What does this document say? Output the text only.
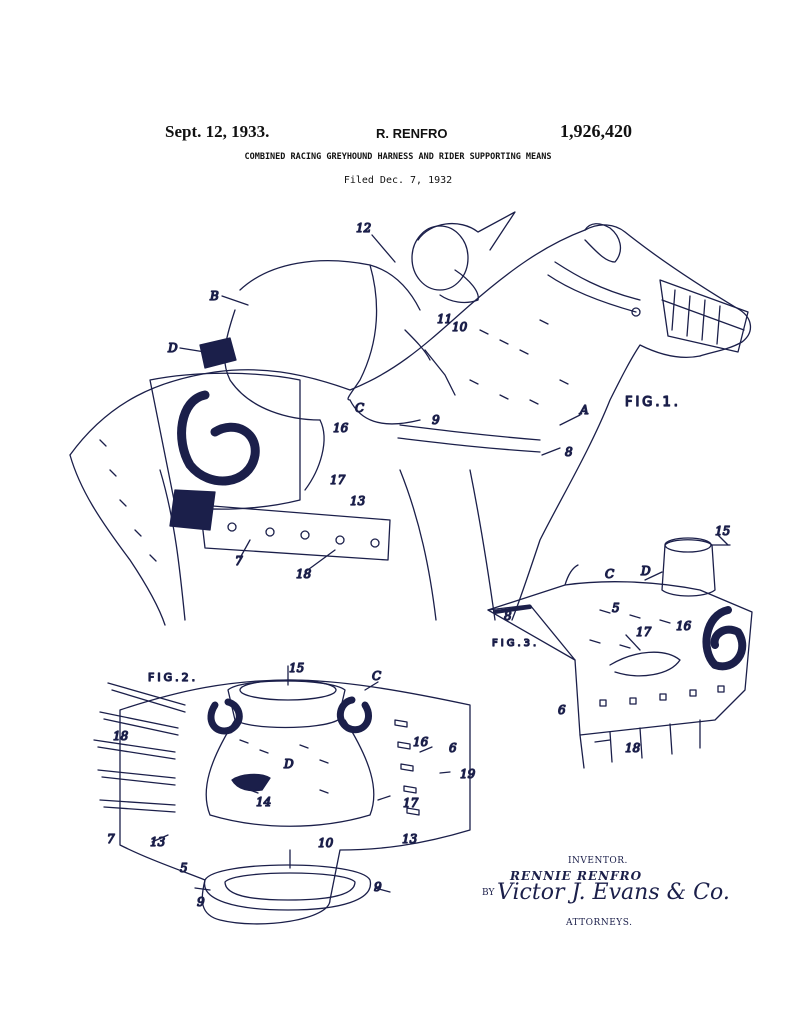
Sept. 12, 1933.	R. RENFRO	1,926,420
COMBINED RACING GREYHOUND HARNESS AND RIDER SUPPORTING MEANS
Filed Dec. 7, 1932
12
B
11
10
D
C
9
A
8
16
17
13
7
18
FIG.1.
15
C D
8
5
17 16
6
18
FIG.3.
15
C
18	16 6
19
D
14	17
13
7	13
10
5
9
9
FIG.2.
INVENTOR.
RENNIE RENFRO
BY Victor J. Evans & Co.
ATTORNEYS.
